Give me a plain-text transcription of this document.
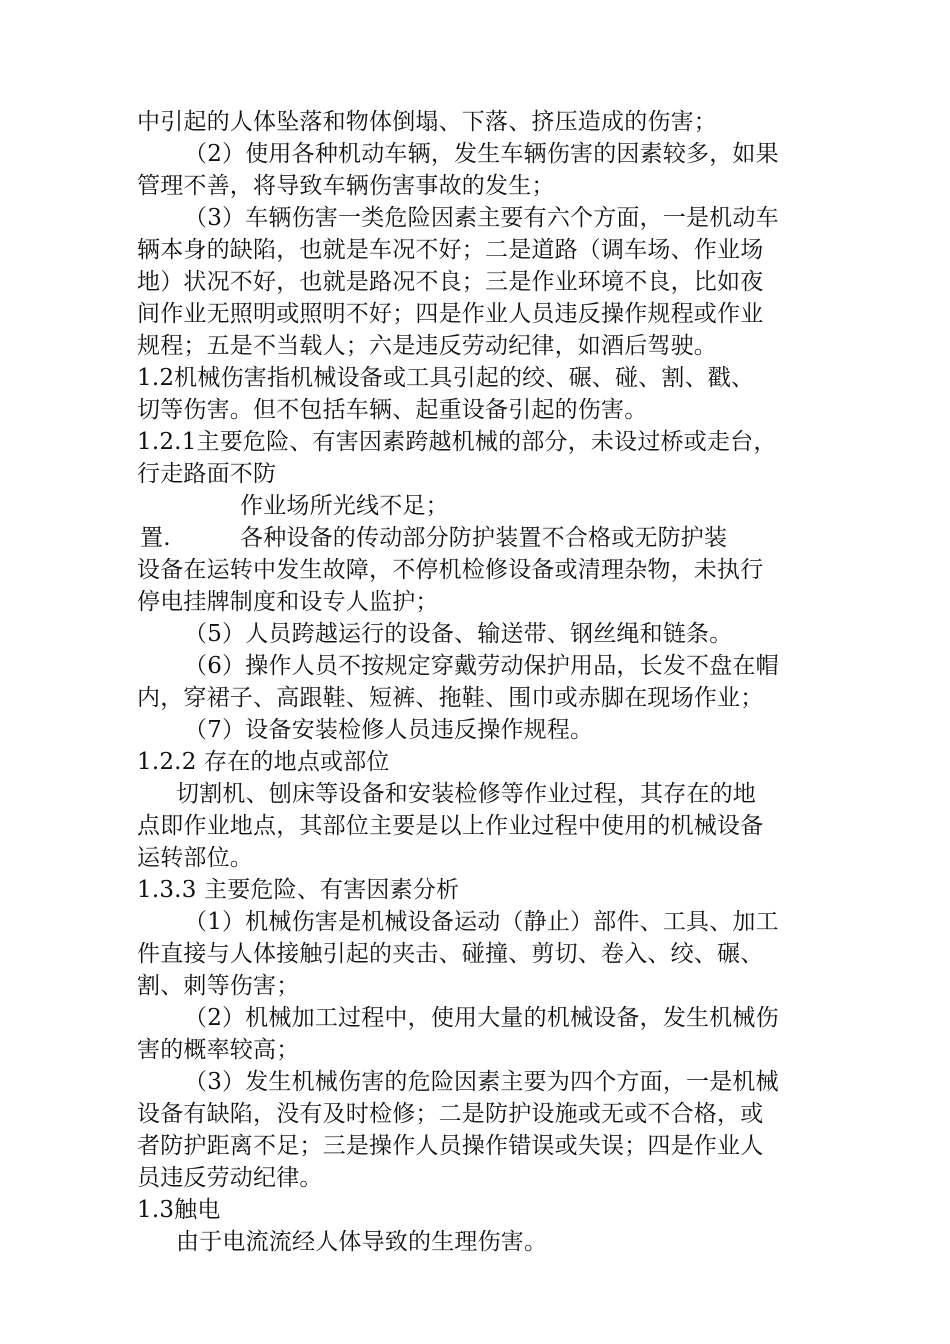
中引起的人体坠落和物体倒塌、下落、挤压造成的伤害；
（2）使用各种机动车辆，发生车辆伤害的因素较多，如果
管理不善，将导致车辆伤害事故的发生；
（3）车辆伤害一类危险因素主要有六个方面，一是机动车
辆本身的缺陷，也就是车况不好；二是道路（调车场、作业场
地）状况不好，也就是路况不良；三是作业环境不良，比如夜
间作业无照明或照明不好；四是作业人员违反操作规程或作业
规程；五是不当载人；六是违反劳动纪律，如酒后驾驶。
1.2机械伤害指机械设备或工具引起的绞、碾、碰、割、戳、
切等伤害。但不包括车辆、起重设备引起的伤害。
1.2.1主要危险、有害因素跨越机械的部分，未设过桥或走台，
行走路面不防
作业场所光线不足；
置.	各种设备的传动部分防护装置不合格或无防护装
设备在运转中发生故障，不停机检修设备或清理杂物，未执行
停电挂牌制度和设专人监护；
（5）人员跨越运行的设备、输送带、钢丝绳和链条。
（6）操作人员不按规定穿戴劳动保护用品，长发不盘在帽
内，穿裙子、高跟鞋、短裤、拖鞋、围巾或赤脚在现场作业；
（7）设备安装检修人员违反操作规程。
1.2.2 存在的地点或部位
切割机、刨床等设备和安装检修等作业过程，其存在的地
点即作业地点，其部位主要是以上作业过程中使用的机械设备
运转部位。
1.3.3 主要危险、有害因素分析
（1）机械伤害是机械设备运动（静止）部件、工具、加工
件直接与人体接触引起的夹击、碰撞、剪切、卷入、绞、碾、
割、刺等伤害；
（2）机械加工过程中，使用大量的机械设备，发生机械伤
害的概率较高；
（3）发生机械伤害的危险因素主要为四个方面，一是机械
设备有缺陷，没有及时检修；二是防护设施或无或不合格，或
者防护距离不足；三是操作人员操作错误或失误；四是作业人
员违反劳动纪律。
1.3触电
由于电流流经人体导致的生理伤害。
